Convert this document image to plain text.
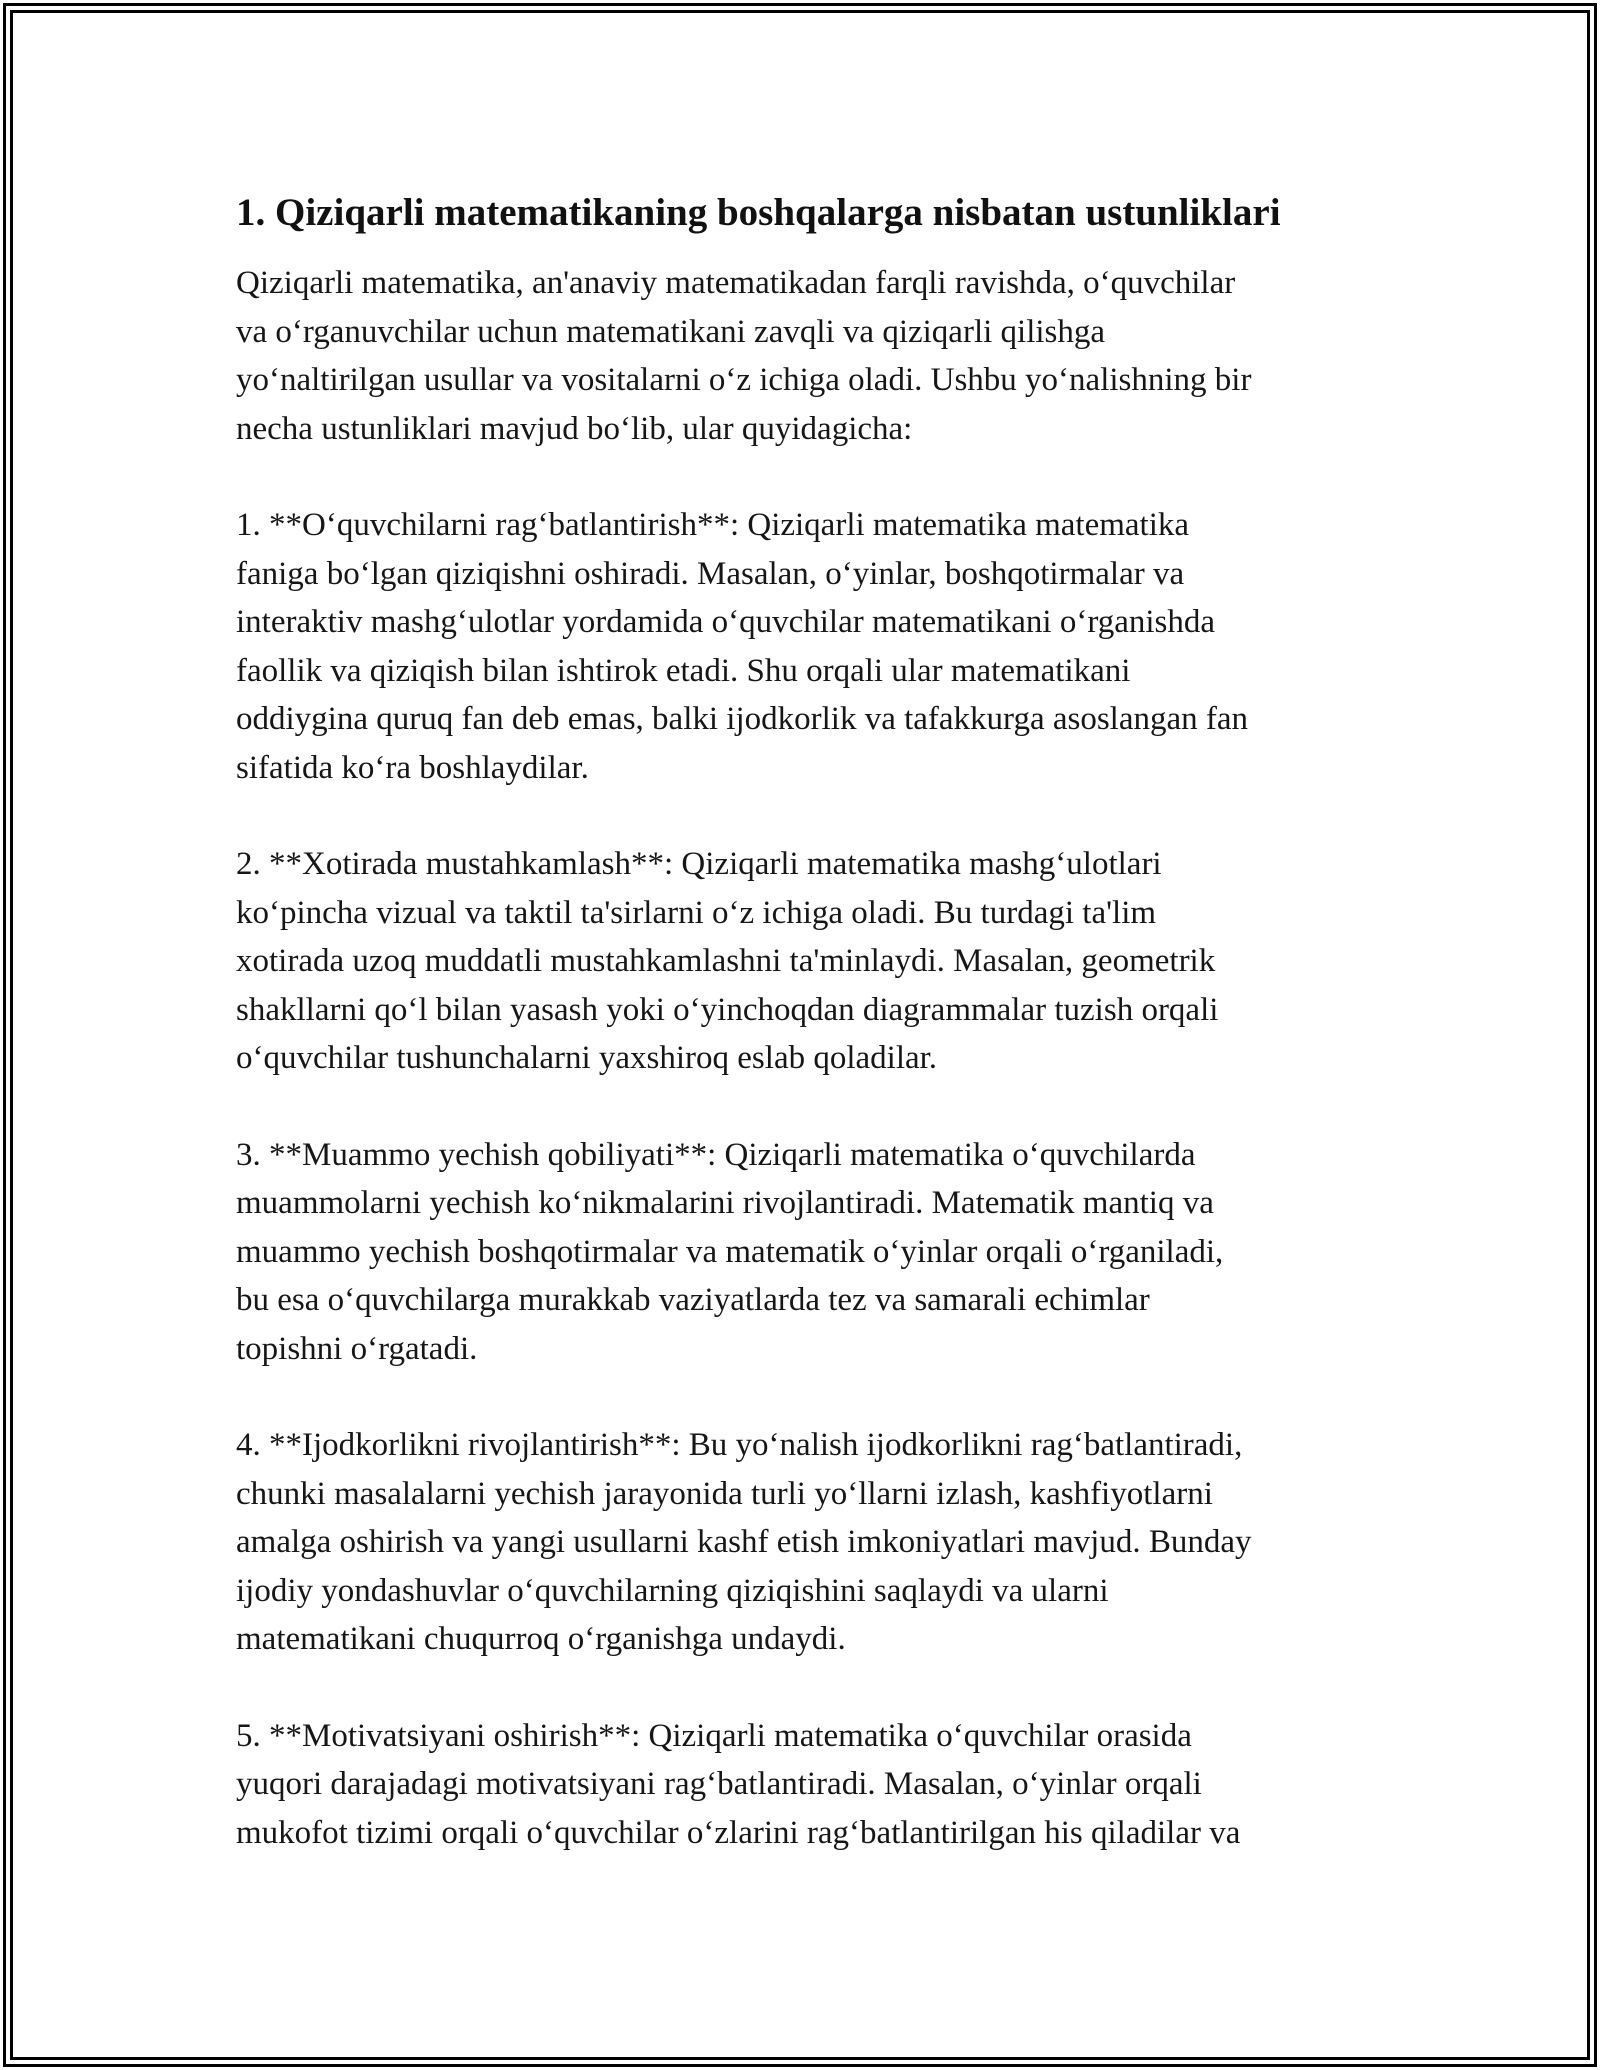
1. Qiziqarli matematikaning boshqalarga nisbatan ustunliklari

Qiziqarli matematika, an'anaviy matematikadan farqli ravishda, o‘quvchilar
va o‘rganuvchilar uchun matematikani zavqli va qiziqarli qilishga
yo‘naltirilgan usullar va vositalarni o‘z ichiga oladi. Ushbu yo‘nalishning bir
necha ustunliklari mavjud bo‘lib, ular quyidagicha:

1. **O‘quvchilarni rag‘batlantirish**: Qiziqarli matematika matematika
faniga bo‘lgan qiziqishni oshiradi. Masalan, o‘yinlar, boshqotirmalar va
interaktiv mashg‘ulotlar yordamida o‘quvchilar matematikani o‘rganishda
faollik va qiziqish bilan ishtirok etadi. Shu orqali ular matematikani
oddiygina quruq fan deb emas, balki ijodkorlik va tafakkurga asoslangan fan
sifatida ko‘ra boshlaydilar.

2. **Xotirada mustahkamlash**: Qiziqarli matematika mashg‘ulotlari
ko‘pincha vizual va taktil ta'sirlarni o‘z ichiga oladi. Bu turdagi ta'lim
xotirada uzoq muddatli mustahkamlashni ta'minlaydi. Masalan, geometrik
shakllarni qo‘l bilan yasash yoki o‘yinchoqdan diagrammalar tuzish orqali
o‘quvchilar tushunchalarni yaxshiroq eslab qoladilar.

3. **Muammo yechish qobiliyati**: Qiziqarli matematika o‘quvchilarda
muammolarni yechish ko‘nikmalarini rivojlantiradi. Matematik mantiq va
muammo yechish boshqotirmalar va matematik o‘yinlar orqali o‘rganiladi,
bu esa o‘quvchilarga murakkab vaziyatlarda tez va samarali echimlar
topishni o‘rgatadi.

4. **Ijodkorlikni rivojlantirish**: Bu yo‘nalish ijodkorlikni rag‘batlantiradi,
chunki masalalarni yechish jarayonida turli yo‘llarni izlash, kashfiyotlarni
amalga oshirish va yangi usullarni kashf etish imkoniyatlari mavjud. Bunday
ijodiy yondashuvlar o‘quvchilarning qiziqishini saqlaydi va ularni
matematikani chuqurroq o‘rganishga undaydi.

5. **Motivatsiyani oshirish**: Qiziqarli matematika o‘quvchilar orasida
yuqori darajadagi motivatsiyani rag‘batlantiradi. Masalan, o‘yinlar orqali
mukofot tizimi orqali o‘quvchilar o‘zlarini rag‘batlantirilgan his qiladilar va
